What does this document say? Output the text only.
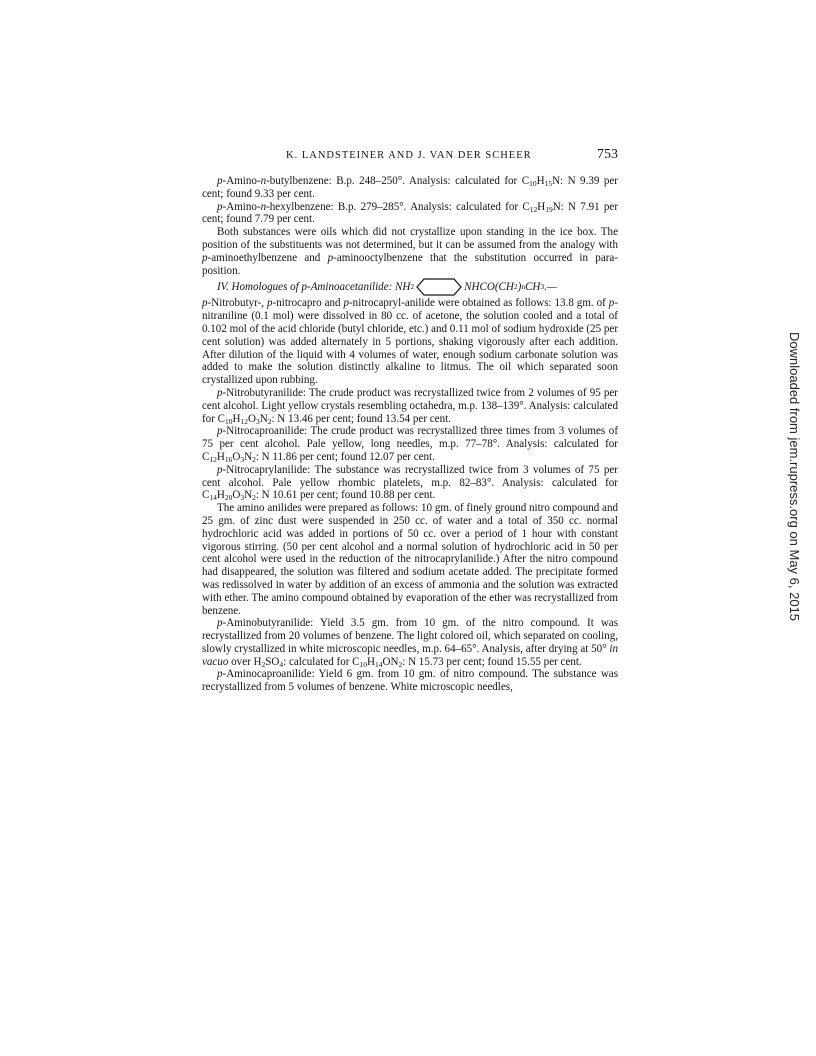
K. LANDSTEINER AND J. VAN DER SCHEER	753

p-Amino-n-butylbenzene: B.p. 248–250°. Analysis: calculated for $C_{10}H_{15}N$: N 9.39 per cent; found 9.33 per cent.

p-Amino-n-hexylbenzene: B.p. 279–285°. Analysis: calculated for $C_{12}H_{19}N$: N 7.91 per cent; found 7.79 per cent.

Both substances were oils which did not crystallize upon standing in the ice box. The position of the substituents was not determined, but it can be assumed from the analogy with p-aminoethylbenzene and p-aminooctylbenzene that the substitution occurred in para-position.

IV. Homologues of p-Aminoacetanilide: NH 2	NHCO(CH 2 ) n CH 3 .—

p-Nitrobutyr-, p-nitrocapro and p-nitrocapryl-anilide were obtained as follows: 13.8 gm. of p-nitraniline (0.1 mol) were dissolved in 80 cc. of acetone, the solution cooled and a total of 0.102 mol of the acid chloride (butyl chloride, etc.) and 0.11 mol of sodium hydroxide (25 per cent solution) was added alternately in 5 portions, shaking vigorously after each addition. After dilution of the liquid with 4 volumes of water, enough sodium carbonate solution was added to make the solution distinctly alkaline to litmus. The oil which separated soon crystallized upon rubbing.

p-Nitrobutyranilide: The crude product was recrystallized twice from 2 volumes of 95 per cent alcohol. Light yellow crystals resembling octahedra, m.p. 138–139°. Analysis: calculated for $C_{10}H_{12}O_3N_2$: N 13.46 per cent; found 13.54 per cent.

p-Nitrocaproanilide: The crude product was recrystallized three times from 3 volumes of 75 per cent alcohol. Pale yellow, long needles, m.p. 77–78°. Analysis: calculated for $C_{12}H_{16}O_3N_2$: N 11.86 per cent; found 12.07 per cent.

p-Nitrocaprylanilide: The substance was recrystallized twice from 3 volumes of 75 per cent alcohol. Pale yellow rhombic platelets, m.p. 82–83°. Analysis: calculated for $C_{14}H_{20}O_3N_2$: N 10.61 per cent; found 10.88 per cent.

The amino anilides were prepared as follows: 10 gm. of finely ground nitro compound and 25 gm. of zinc dust were suspended in 250 cc. of water and a total of 350 cc. normal hydrochloric acid was added in portions of 50 cc. over a period of 1 hour with constant vigorous stirring. (50 per cent alcohol and a normal solution of hydrochloric acid in 50 per cent alcohol were used in the reduction of the nitrocaprylanilide.) After the nitro compound had disappeared, the solution was filtered and sodium acetate added. The precipitate formed was redissolved in water by addition of an excess of ammonia and the solution was extracted with ether. The amino compound obtained by evaporation of the ether was recrystallized from benzene.

p-Aminobutyranilide: Yield 3.5 gm. from 10 gm. of the nitro compound. It was recrystallized from 20 volumes of benzene. The light colored oil, which separated on cooling, slowly crystallized in white microscopic needles, m.p. 64–65°. Analysis, after drying at 50° in vacuo over $H_2SO_4$: calculated for $C_{10}H_{14}ON_2$: N 15.73 per cent; found 15.55 per cent.

p-Aminocaproanilide: Yield 6 gm. from 10 gm. of nitro compound. The substance was recrystallized from 5 volumes of benzene. White microscopic needles,

Downloaded from jem.rupress.org on May 6, 2015
